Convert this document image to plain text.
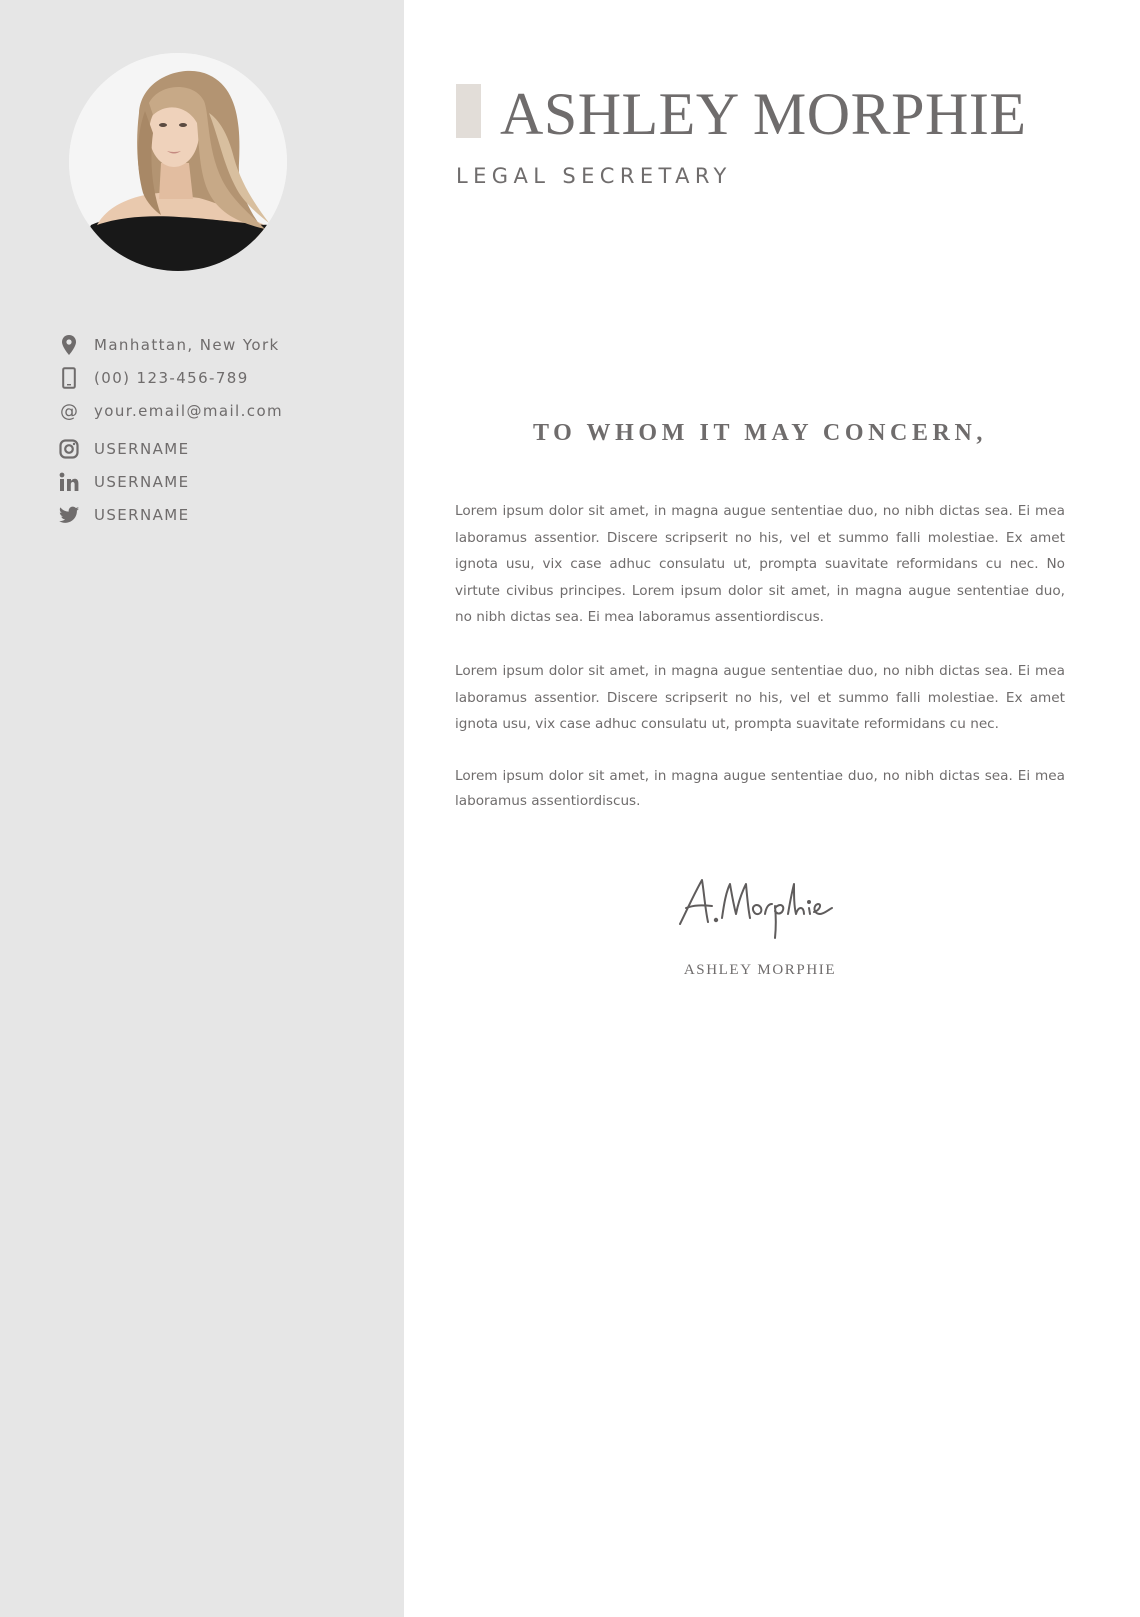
Manhattan, New York
(00) 123-456-789
@ your.email@mail.com
USERNAME
USERNAME
USERNAME
ASHLEY MORPHIE
LEGAL SECRETARY
TO WHOM IT MAY CONCERN,

Lorem ipsum dolor sit amet, in magna augue sententiae duo, no nibh dictas sea. Ei mea laboramus assentior. Discere scripserit no his, vel et summo falli molestiae. Ex amet ignota usu, vix case adhuc consulatu ut, prompta suavitate reformidans cu nec. No virtute civibus principes. Lorem ipsum dolor sit amet, in magna augue sententiae duo, no nibh dictas sea. Ei mea laboramus assentiordiscus.

Lorem ipsum dolor sit amet, in magna augue sententiae duo, no nibh dictas sea. Ei mea laboramus assentior. Discere scripserit no his, vel et summo falli molestiae. Ex amet ignota usu, vix case adhuc consulatu ut, prompta suavitate reformidans cu nec.

Lorem ipsum dolor sit amet, in magna augue sententiae duo, no nibh dictas sea. Ei mea laboramus assentiordiscus.

ASHLEY MORPHIE
